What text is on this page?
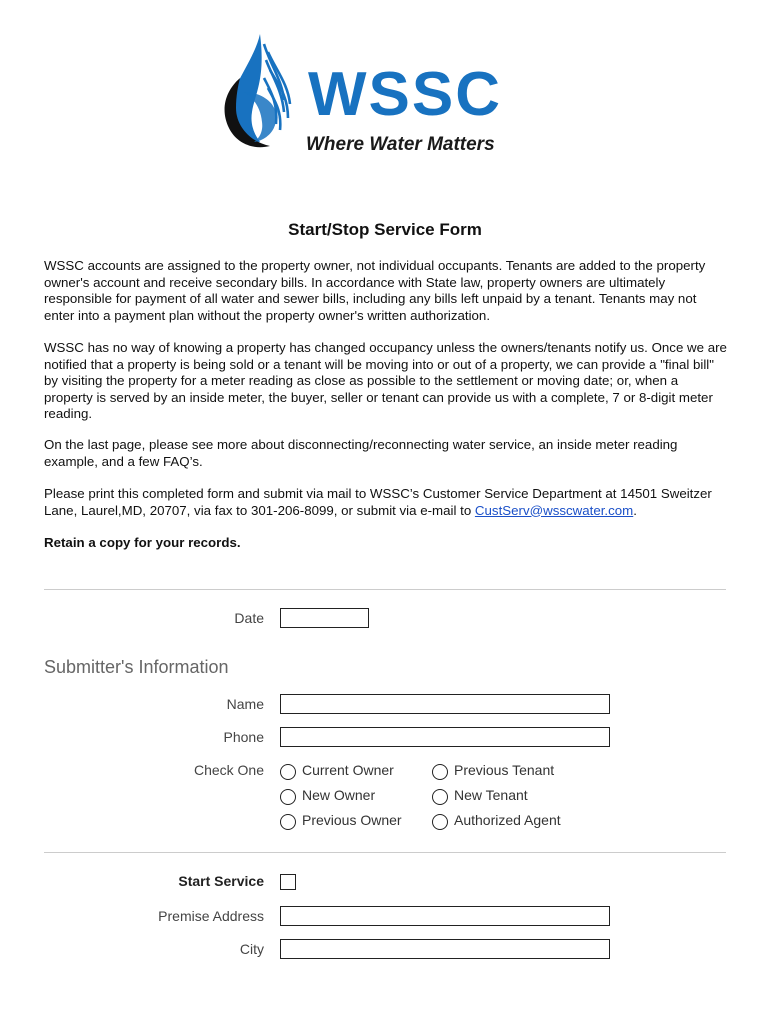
WSSC
Where Water Matters
Start/Stop Service Form

WSSC accounts are assigned to the property owner, not individual occupants. Tenants are added to the property owner's account and receive secondary bills. In accordance with State law, property owners are ultimately responsible for payment of all water and sewer bills, including any bills left unpaid by a tenant. Tenants may not enter into a payment plan without the property owner's written authorization.

WSSC has no way of knowing a property has changed occupancy unless the owners/tenants notify us. Once we are notified that a property is being sold or a tenant will be moving into or out of a property, we can provide a "final bill" by visiting the property for a meter reading as close as possible to the settlement or moving date; or, when a property is served by an inside meter, the buyer, seller or tenant can provide us with a complete, 7 or 8-digit meter reading.

On the last page, please see more about disconnecting/reconnecting water service, an inside meter reading example, and a few FAQ’s.

Please print this completed form and submit via mail to WSSC’s Customer Service Department at 14501 Sweitzer Lane, Laurel,MD, 20707, via fax to 301-206-8099, or submit via e-mail to CustServ@wsscwater.com.

Retain a copy for your records.

Date
Submitter's Information
Name
Phone
Check One	Current Owner
New Owner
Previous Owner
Previous Tenant
New Tenant
Authorized Agent
Start Service
Premise Address
City
